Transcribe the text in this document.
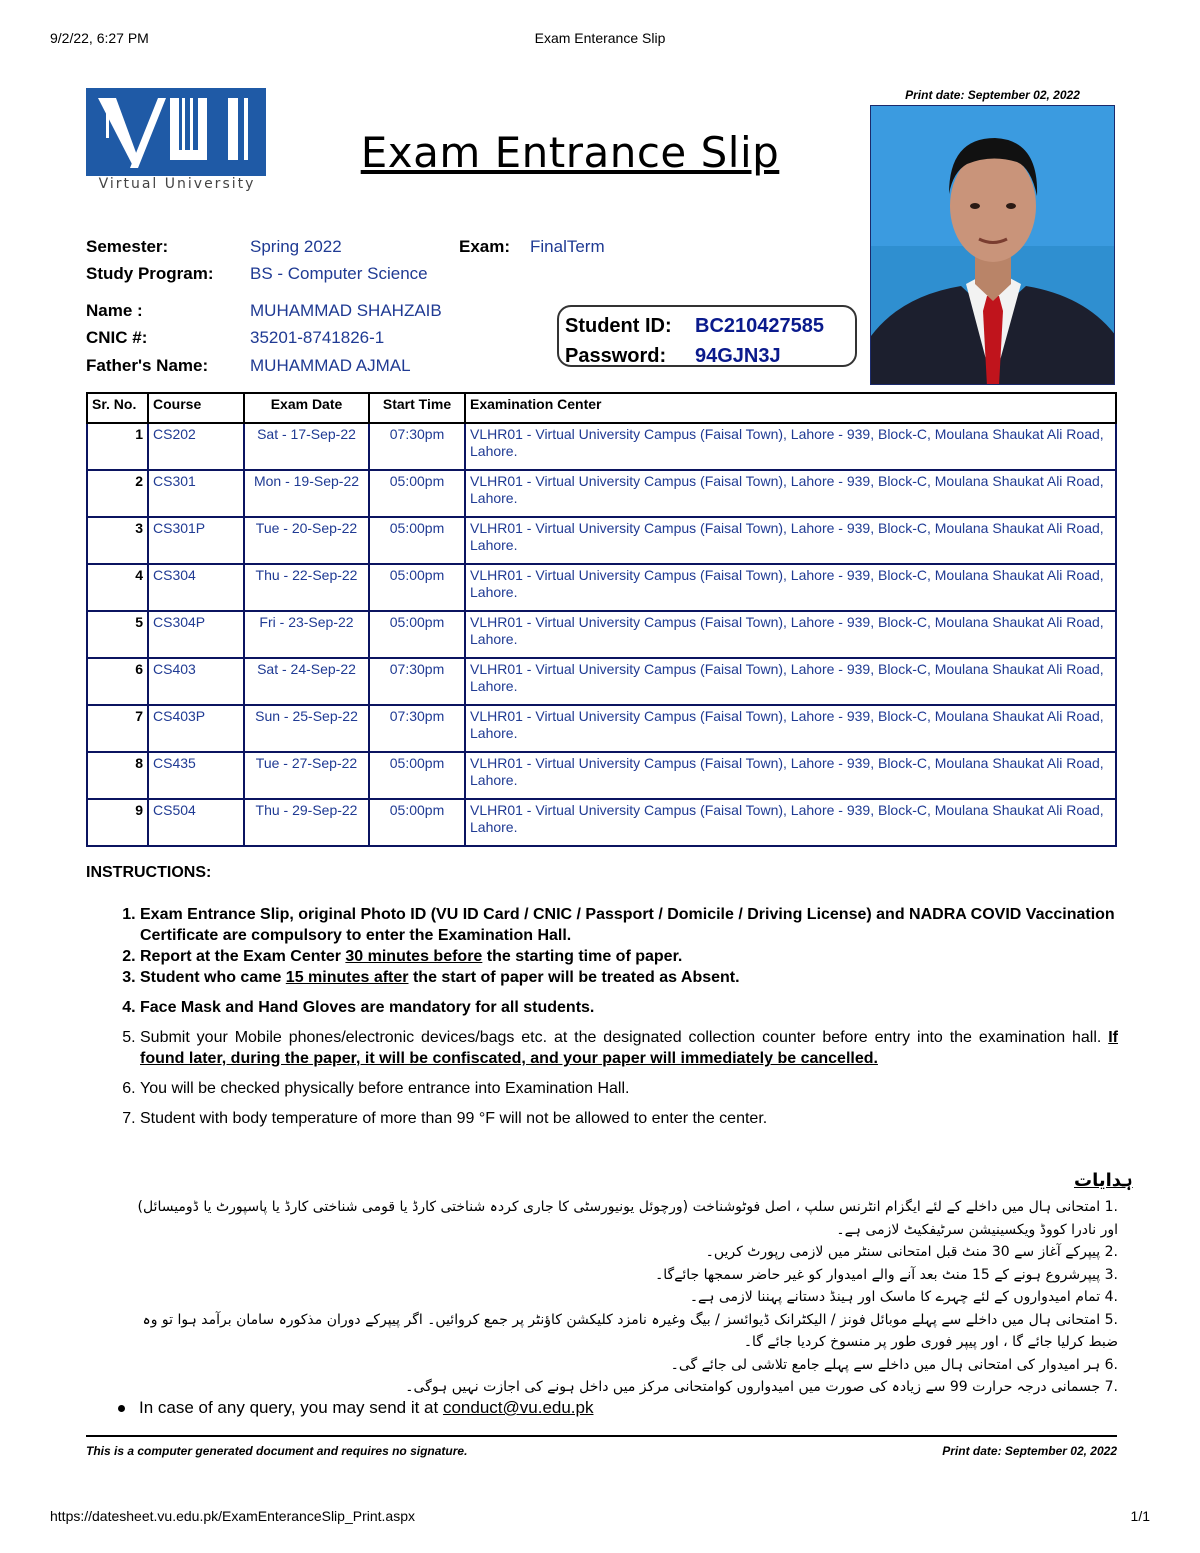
9/2/22, 6:27 PM	Exam Enterance Slip
Virtual University
Print date: September 02, 2022
Exam Entrance Slip
Semester:	Spring 2022	Exam: FinalTerm
Study Program: BS - Computer Science
Name :	MUHAMMAD SHAHZAIB
CNIC #:	35201-8741826-1
Father's Name: MUHAMMAD AJMAL
Student ID: BC210427585
Password: 94GJN3J
Sr. No.	Course	Exam Date	Start Time	Examination Center
1	CS202	Sat - 17-Sep-22	07:30pm	VLHR01 - Virtual University Campus (Faisal Town), Lahore - 939, Block-C, Moulana Shaukat Ali Road, Lahore.
2	CS301	Mon - 19-Sep-22	05:00pm	VLHR01 - Virtual University Campus (Faisal Town), Lahore - 939, Block-C, Moulana Shaukat Ali Road, Lahore.
3	CS301P	Tue - 20-Sep-22	05:00pm	VLHR01 - Virtual University Campus (Faisal Town), Lahore - 939, Block-C, Moulana Shaukat Ali Road, Lahore.
4	CS304	Thu - 22-Sep-22	05:00pm	VLHR01 - Virtual University Campus (Faisal Town), Lahore - 939, Block-C, Moulana Shaukat Ali Road, Lahore.
5	CS304P	Fri - 23-Sep-22	05:00pm	VLHR01 - Virtual University Campus (Faisal Town), Lahore - 939, Block-C, Moulana Shaukat Ali Road, Lahore.
6	CS403	Sat - 24-Sep-22	07:30pm	VLHR01 - Virtual University Campus (Faisal Town), Lahore - 939, Block-C, Moulana Shaukat Ali Road, Lahore.
7	CS403P	Sun - 25-Sep-22	07:30pm	VLHR01 - Virtual University Campus (Faisal Town), Lahore - 939, Block-C, Moulana Shaukat Ali Road, Lahore.
8	CS435	Tue - 27-Sep-22	05:00pm	VLHR01 - Virtual University Campus (Faisal Town), Lahore - 939, Block-C, Moulana Shaukat Ali Road, Lahore.
9	CS504	Thu - 29-Sep-22	05:00pm	VLHR01 - Virtual University Campus (Faisal Town), Lahore - 939, Block-C, Moulana Shaukat Ali Road, Lahore.
INSTRUCTIONS:
1. Exam Entrance Slip, original Photo ID (VU ID Card / CNIC / Passport / Domicile / Driving License) and NADRA COVID Vaccination Certificate are compulsory to enter the Examination Hall.
2. Report at the Exam Center 30 minutes before the starting time of paper.
3. Student who came 15 minutes after the start of paper will be treated as Absent.
4. Face Mask and Hand Gloves are mandatory for all students.
5. Submit your Mobile phones/electronic devices/bags etc. at the designated collection counter before entry into the examination hall. If found later, during the paper, it will be confiscated, and your paper will immediately be cancelled.
6. You will be checked physically before entrance into Examination Hall.
7. Student with body temperature of more than 99 °F will not be allowed to enter the center.
ہدایات
.1 امتحانی ہال میں داخلے کے لئے ایگزام انٹرنس سلپ ، اصل فوٹوشناخت (ورچوئل یونیورسٹی کا جاری کردہ شناختی کارڈ یا قومی شناختی کارڈ یا پاسپورٹ یا ڈومیسائل)
اور نادرا کووڈ ویکسینیشن سرٹیفکیٹ لازمی ہے۔
.2 پیپرکے آغاز سے 30 منٹ قبل امتحانی سنٹر میں لازمی رپورٹ کریں۔
.3 پیپرشروع ہونے کے 15 منٹ بعد آنے والے امیدوار کو غیر حاضر سمجھا جائےگا۔
.4 تمام امیدواروں کے لئے چہرے کا ماسک اور ہینڈ دستانے پہننا لازمی ہے۔
.5 امتحانی ہال میں داخلے سے پہلے موبائل فونز / الیکٹرانک ڈیوائسز / بیگ وغیرہ نامزد کلیکشن کاؤنٹر پر جمع کروائیں۔ اگر پیپرکے دوران مذکورہ سامان برآمد ہوا تو وہ
ضبط کرلیا جائے گا ، اور پیپر فوری طور پر منسوخ کردیا جائے گا۔
.6 ہر امیدوار کی امتحانی ہال میں داخلے سے پہلے جامع تلاشی لی جائے گی۔
.7 جسمانی درجہ حرارت 99 سے زیادہ کی صورت میں امیدواروں کوامتحانی مرکز میں داخل ہونے کی اجازت نہیں ہوگی۔
In case of any query, you may send it at conduct@vu.edu.pk
This is a computer generated document and requires no signature.	Print date: September 02, 2022
https://datesheet.vu.edu.pk/ExamEnteranceSlip_Print.aspx	1/1
